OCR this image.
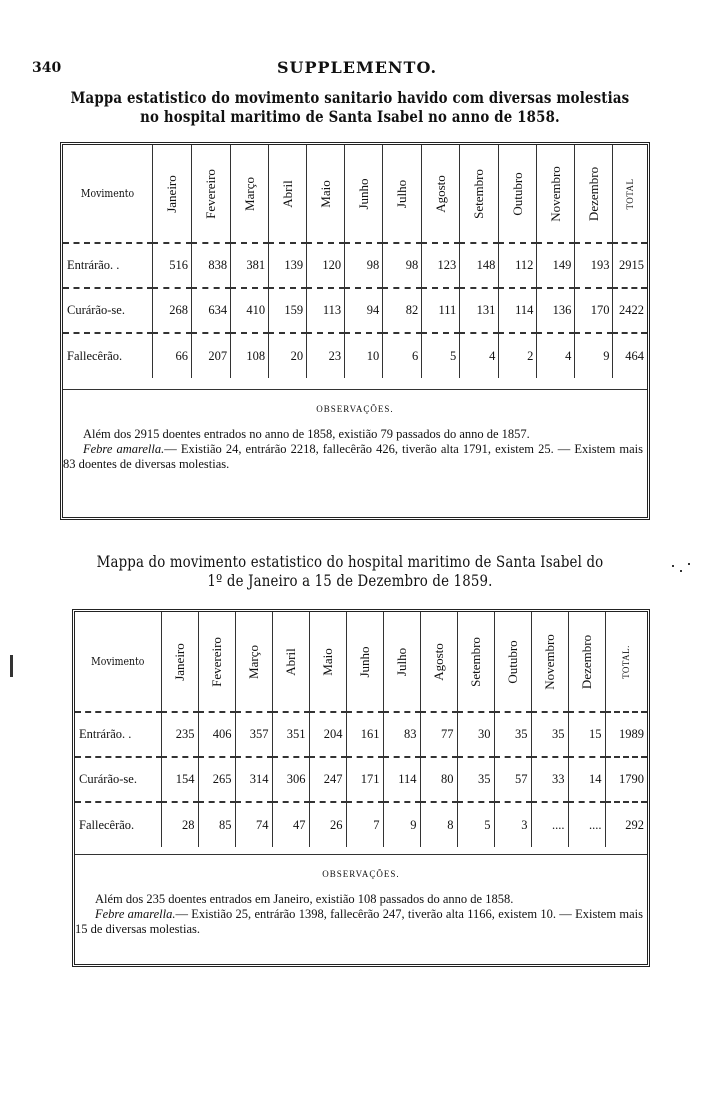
340	SUPPLEMENTO.
Mappa estatistico do movimento sanitario havido com diversas molestias
no hospital maritimo de Santa Isabel no anno de 1858.
Movimento	Janeiro	Fevereiro	Março	Abril	Maio	Junho	Julho	Agosto	Setembro	Outubro	Novembro	Dezembro	TOTAL

Entrárão. .	516	838	381	139	120	98	98	123	148	112	149	193	2915

Curárão-se.	268	634	410	159	113	94	82	111	131	114	136	170	2422

Fallecêrão.	66	207	108	20	23	10	6	5	4	2	4	9	464
OBSERVAÇÕES.

Além dos 2915 doentes entrados no anno de 1858, existião 79 passados do anno de 1857.

Febre amarella.— Existião 24, entrárão 2218, fallecêrão 426, tiverão alta 1791, existem 25. — Existem mais 83 doentes de diversas molestias.

Mappa do movimento estatistico do hospital maritimo de Santa Isabel do
1º de Janeiro a 15 de Dezembro de 1859.
Movimento	Janeiro	Fevereiro	Março	Abril	Maio	Junho	Julho	Agosto	Setembro	Outubro	Novembro	Dezembro	TOTAL.

Entrárão. .	235	406	357	351	204	161	83	77	30	35	35	15	1989

Curárão-se.	154	265	314	306	247	171	114	80	35	57	33	14	1790

Fallecêrão.	28	85	74	47	26	7	9	8	5	3	....	....	292
OBSERVAÇÕES.

Além dos 235 doentes entrados em Janeiro, existião 108 passados do anno de 1858.

Febre amarella.— Existião 25, entrárão 1398, fallecêrão 247, tiverão alta 1166, existem 10. — Existem mais 15 de diversas molestias.
